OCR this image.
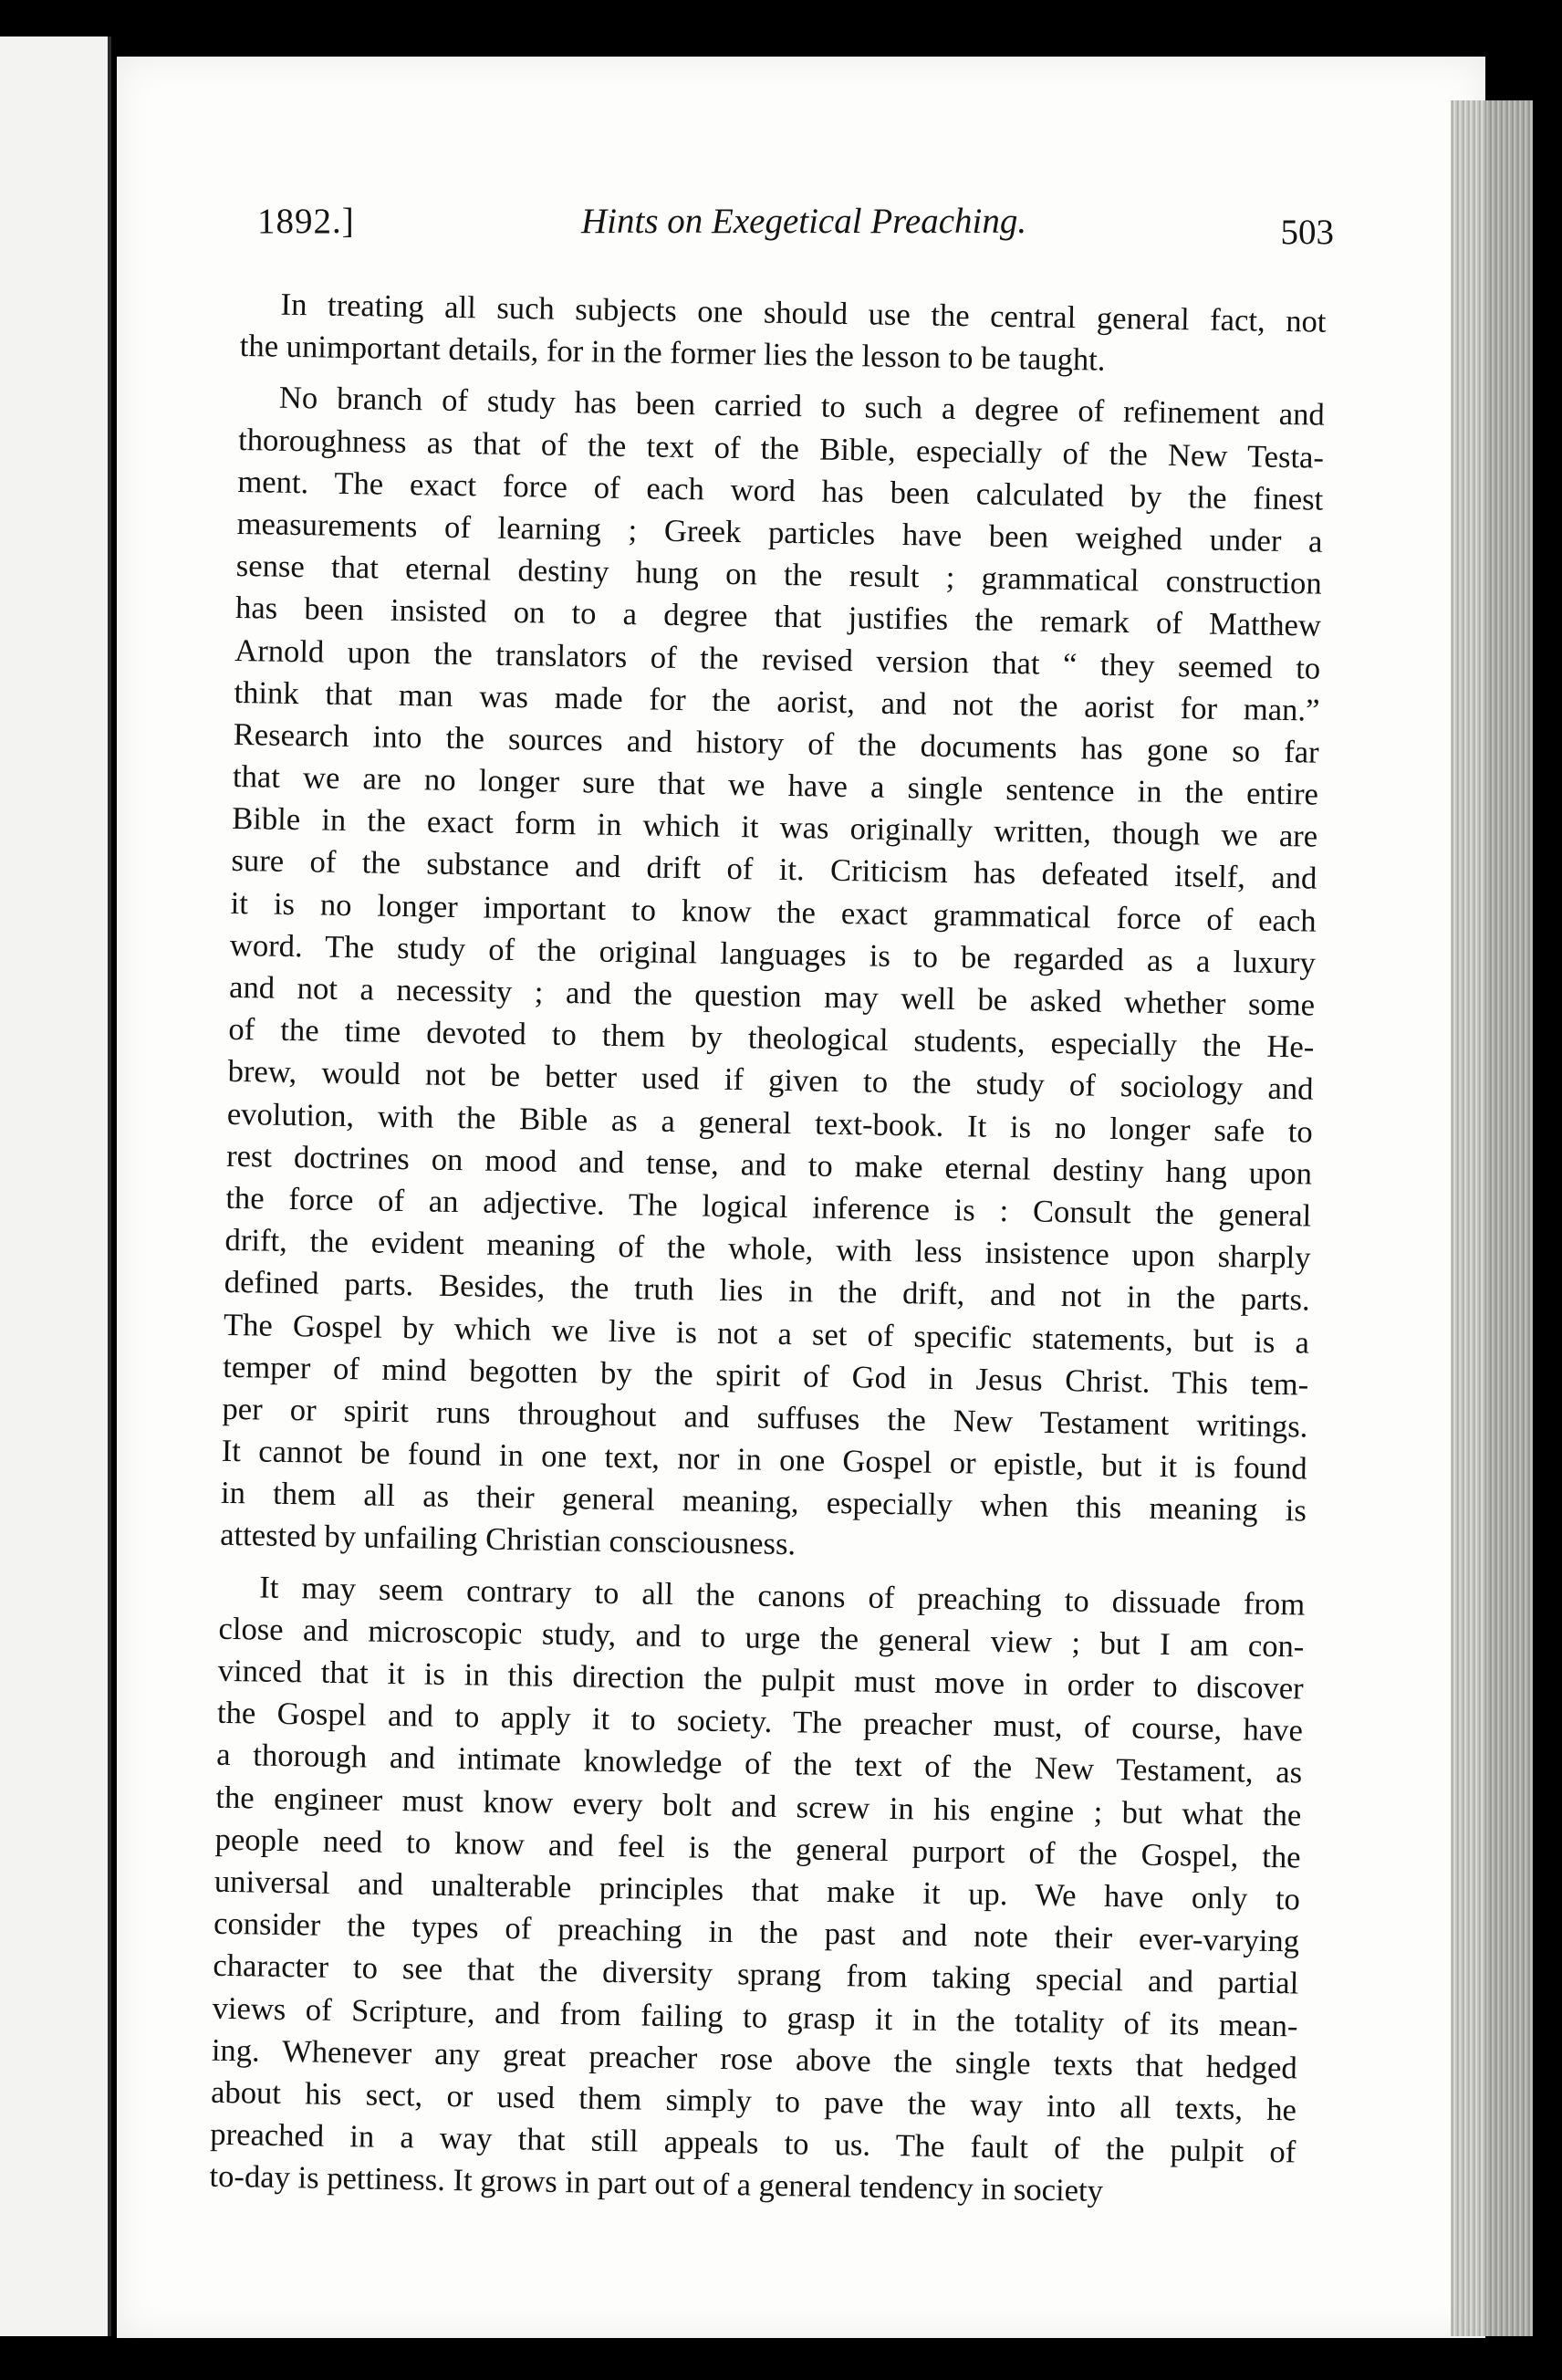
1892.]	Hints on Exegetical Preaching.	503
In treating all such subjects one should use the central general fact, not
the unimportant details, for in the former lies the lesson to be taught.
No branch of study has been carried to such a degree of refinement and
thoroughness as that of the text of the Bible, especially of the New Testa-
ment. The exact force of each word has been calculated by the finest
measurements of learning ; Greek particles have been weighed under a
sense that eternal destiny hung on the result ; grammatical construction
has been insisted on to a degree that justifies the remark of Matthew
Arnold upon the translators of the revised version that “ they seemed to
think that man was made for the aorist, and not the aorist for man.”
Research into the sources and history of the documents has gone so far
that we are no longer sure that we have a single sentence in the entire
Bible in the exact form in which it was originally written, though we are
sure of the substance and drift of it. Criticism has defeated itself, and
it is no longer important to know the exact grammatical force of each
word. The study of the original languages is to be regarded as a luxury
and not a necessity ; and the question may well be asked whether some
of the time devoted to them by theological students, especially the He-
brew, would not be better used if given to the study of sociology and
evolution, with the Bible as a general text-book. It is no longer safe to
rest doctrines on mood and tense, and to make eternal destiny hang upon
the force of an adjective. The logical inference is : Consult the general
drift, the evident meaning of the whole, with less insistence upon sharply
defined parts. Besides, the truth lies in the drift, and not in the parts.
The Gospel by which we live is not a set of specific statements, but is a
temper of mind begotten by the spirit of God in Jesus Christ. This tem-
per or spirit runs throughout and suffuses the New Testament writings.
It cannot be found in one text, nor in one Gospel or epistle, but it is found
in them all as their general meaning, especially when this meaning is
attested by unfailing Christian consciousness.
It may seem contrary to all the canons of preaching to dissuade from
close and microscopic study, and to urge the general view ; but I am con-
vinced that it is in this direction the pulpit must move in order to discover
the Gospel and to apply it to society. The preacher must, of course, have
a thorough and intimate knowledge of the text of the New Testament, as
the engineer must know every bolt and screw in his engine ; but what the
people need to know and feel is the general purport of the Gospel, the
universal and unalterable principles that make it up. We have only to
consider the types of preaching in the past and note their ever-varying
character to see that the diversity sprang from taking special and partial
views of Scripture, and from failing to grasp it in the totality of its mean-
ing. Whenever any great preacher rose above the single texts that hedged
about his sect, or used them simply to pave the way into all texts, he
preached in a way that still appeals to us. The fault of the pulpit of
to-day is pettiness. It grows in part out of a general tendency in society
